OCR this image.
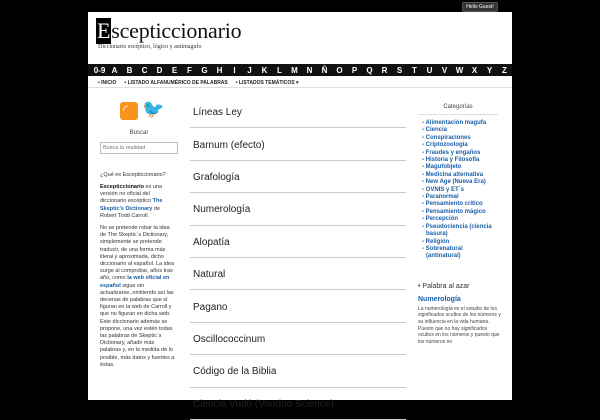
Hello Guest!
Escepticcionario
Diccionario escéptico, lógico y antimagufo
0-9 A	B	C	D	E	F	G	H	I	J	K	L	M	N	Ñ	O	P	Q	R	S	T	U	V	W	X	Y	Z
• INICIO	• LISTADO ALFANUMÉRICO DE PALABRAS	• LISTADOS TEMÁTICOS ▾
◜
🐦
Buscar
Busca la realidad
¿Qué es Escepticcionario?

Escepticcionario es una versión no oficial del diccionario escéptico The Skeptic's Dictionary de Robert Todd Carroll.

No se pretende robar la idea de The Skeptic´s Dictionary, simplemente se pretende traducir, de una forma más literal y aproximada, dicho diccionario al español. La idea surge al comprobar, años tras año, como la web oficial en español sigue sin actualizarse, omitiendo así las decenas de palabras que sí figuran en la web de Carroll y que no figuran en dicha web. Este diccionario además se propone, una vez estén todas las palabras de Skeptic´s Dictionary, añadir más palabras y, en la medida de lo posible, más datos y fuentes a éstas.

Líneas Ley
Barnum (efecto)
Grafología
Numerología
Alopatía
Natural
Pagano
Oscillococcinum
Código de la Biblia
Ciencia Vudú (Voodoo Science)
Categorías
- Alimentación magufa
- Ciencia
- Conspiraciones
- Criptozoología
- Fraudes y engaños
- Historia y Filosofía
- Magufobjeto
- Medicina alternativa
- New Age (Nueva Era)
- OVNIS y ET´s
- Paranormal
- Pensamiento crítico
- Pensamiento mágico
- Percepción
- Pseudociencia (ciencia basura)
- Religión
- Sobrenatural (antinatural)
• Palabra al azar
Numerología
La numerología es el estudio de los significados ocultos de los números y su influencia en la vida humana. Puesto que no hay significados ocultos en los números y puesto que los números no
